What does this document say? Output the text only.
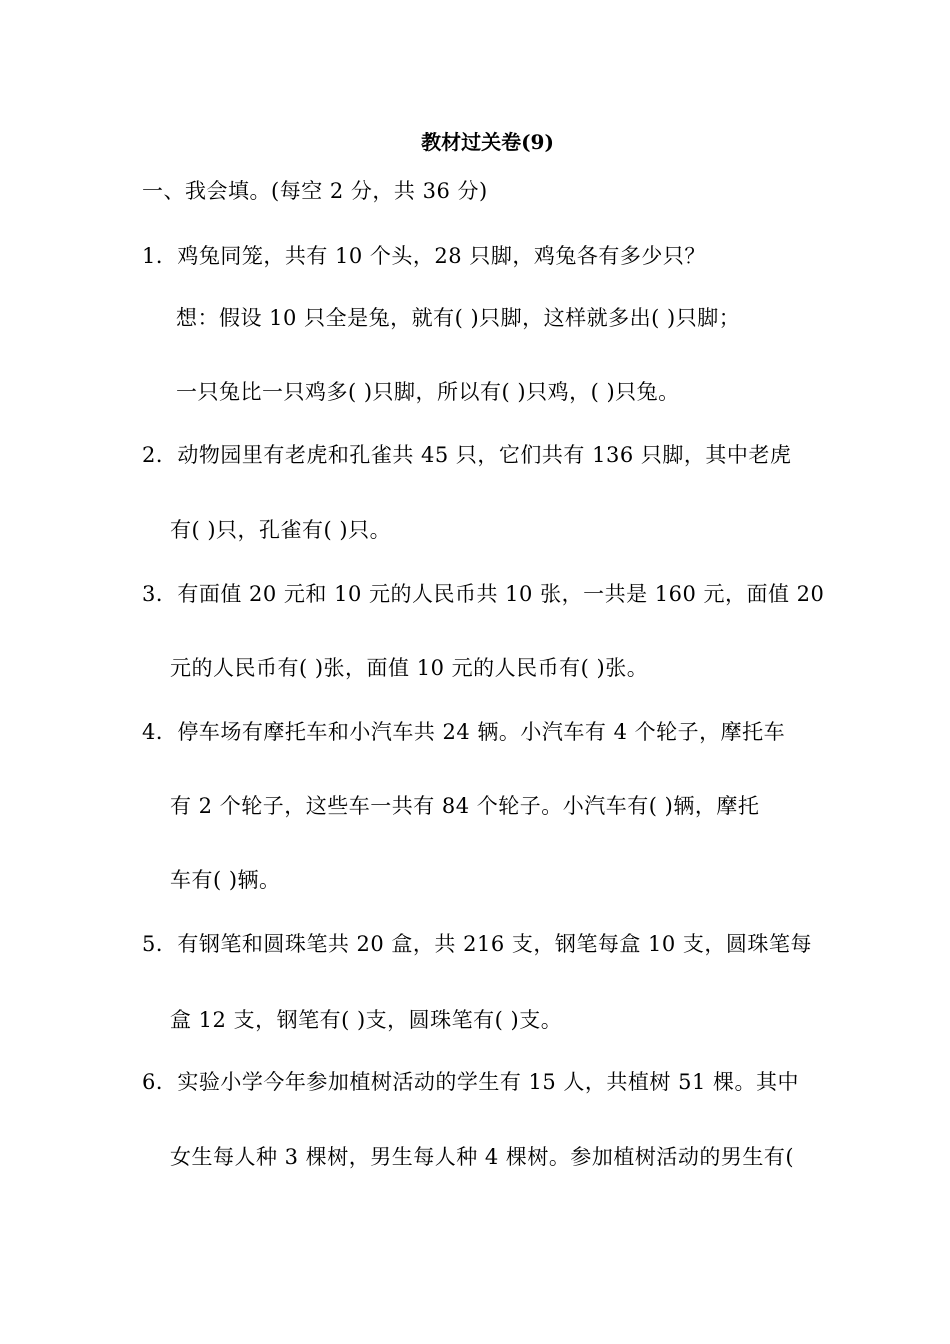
教材过关卷(9)
一、我会填。(每空 2 分，共 36 分)
1．鸡兔同笼，共有 10 个头，28 只脚，鸡兔各有多少只？
想：假设 10 只全是兔，就有( )只脚，这样就多出( )只脚；
一只兔比一只鸡多( )只脚，所以有( )只鸡，( )只兔。
2．动物园里有老虎和孔雀共 45 只，它们共有 136 只脚，其中老虎
有( )只，孔雀有( )只。
3．有面值 20 元和 10 元的人民币共 10 张，一共是 160 元，面值 20
元的人民币有( )张，面值 10 元的人民币有( )张。
4．停车场有摩托车和小汽车共 24 辆。小汽车有 4 个轮子，摩托车
有 2 个轮子，这些车一共有 84 个轮子。小汽车有( )辆，摩托
车有( )辆。
5．有钢笔和圆珠笔共 20 盒，共 216 支，钢笔每盒 10 支，圆珠笔每
盒 12 支，钢笔有( )支，圆珠笔有( )支。
6．实验小学今年参加植树活动的学生有 15 人，共植树 51 棵。其中
女生每人种 3 棵树，男生每人种 4 棵树。参加植树活动的男生有(
